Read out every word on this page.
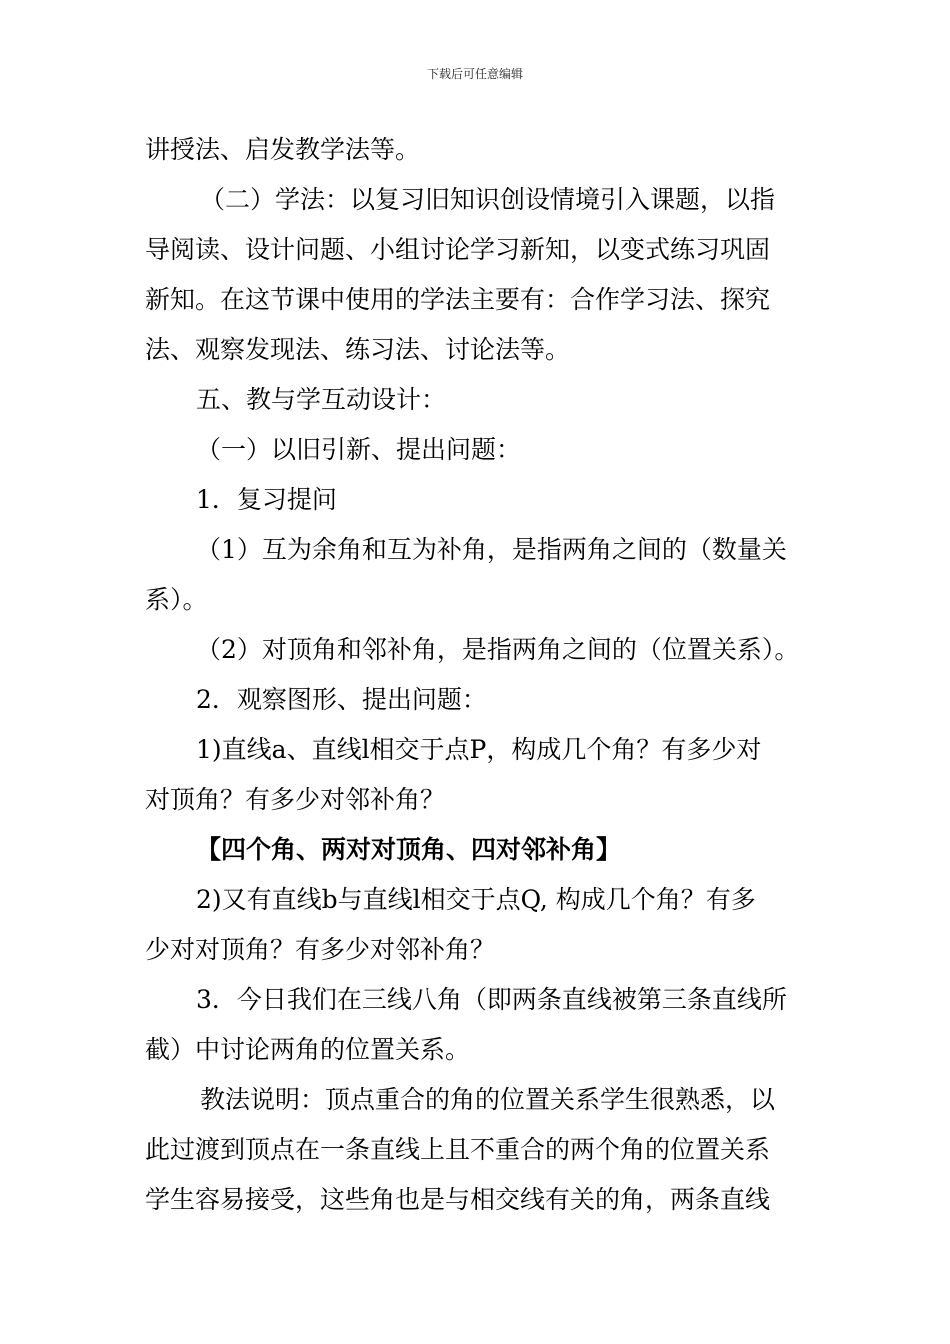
下载后可任意编辑
讲授法、启发教学法等。
（二）学法：以复习旧知识创设情境引入课题，以指
导阅读、设计问题、小组讨论学习新知，以变式练习巩固
新知。在这节课中使用的学法主要有：合作学习法、探究
法、观察发现法、练习法、讨论法等。
五、教与学互动设计：
（一）以旧引新、提出问题：
1．复习提问
（1）互为余角和互为补角，是指两角之间的（数量关
系）。
（2）对顶角和邻补角，是指两角之间的（位置关系）。
2．观察图形、提出问题：
1)直线a、直线l相交于点P，构成几个角？有多少对
对顶角？有多少对邻补角？
【四个角、两对对顶角、四对邻补角】
2)又有直线b与直线l相交于点Q, 构成几个角？有多
少对对顶角？有多少对邻补角？
3．今日我们在三线八角（即两条直线被第三条直线所
截）中讨论两角的位置关系。
教法说明：顶点重合的角的位置关系学生很熟悉，以
此过渡到顶点在一条直线上且不重合的两个角的位置关系
学生容易接受，这些角也是与相交线有关的角，两条直线
